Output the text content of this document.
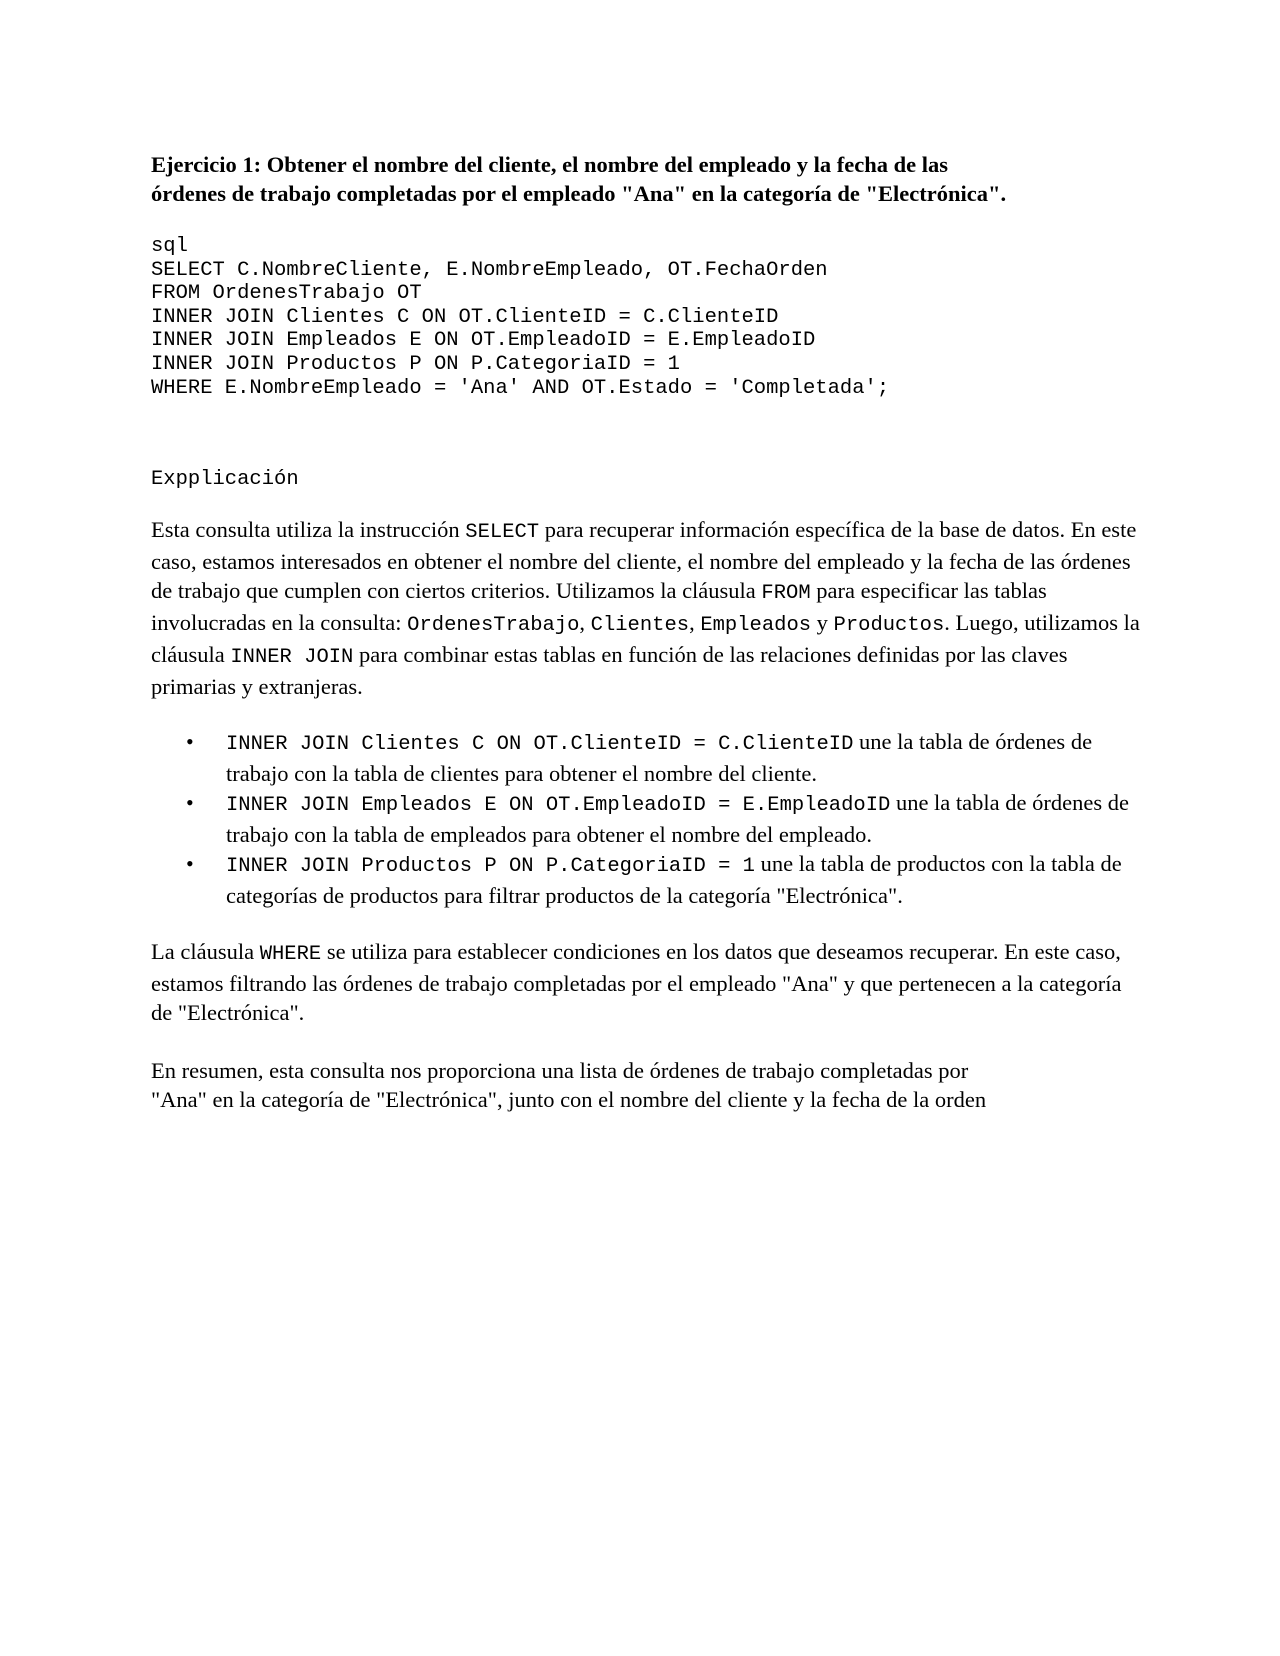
Ejercicio 1: Obtener el nombre del cliente, el nombre del empleado y la fecha de las
órdenes de trabajo completadas por el empleado "Ana" en la categoría de "Electrónica".

sql
SELECT C.NombreCliente, E.NombreEmpleado, OT.FechaOrden
FROM OrdenesTrabajo OT
INNER JOIN Clientes C ON OT.ClienteID = C.ClienteID
INNER JOIN Empleados E ON OT.EmpleadoID = E.EmpleadoID
INNER JOIN Productos P ON P.CategoriaID = 1
WHERE E.NombreEmpleado = 'Ana' AND OT.Estado = 'Completada';
Expplicación

Esta consulta utiliza la instrucción SELECT para recuperar información específica de la base de datos. En este caso, estamos interesados en obtener el nombre del cliente, el nombre del empleado y la fecha de las órdenes de trabajo que cumplen con ciertos criterios. Utilizamos la cláusula FROM para especificar las tablas involucradas en la consulta: OrdenesTrabajo, Clientes, Empleados y Productos. Luego, utilizamos la cláusula INNER JOIN para combinar estas tablas en función de las relaciones definidas por las claves primarias y extranjeras.

• INNER JOIN Clientes C ON OT.ClienteID = C.ClienteID une la tabla de órdenes de trabajo con la tabla de clientes para obtener el nombre del cliente.
• INNER JOIN Empleados E ON OT.EmpleadoID = E.EmpleadoID une la tabla de órdenes de trabajo con la tabla de empleados para obtener el nombre del empleado.
• INNER JOIN Productos P ON P.CategoriaID = 1 une la tabla de productos con la tabla de categorías de productos para filtrar productos de la categoría "Electrónica".

La cláusula WHERE se utiliza para establecer condiciones en los datos que deseamos recuperar. En este caso, estamos filtrando las órdenes de trabajo completadas por el empleado "Ana" y que pertenecen a la categoría de "Electrónica".

En resumen, esta consulta nos proporciona una lista de órdenes de trabajo completadas por
"Ana" en la categoría de "Electrónica", junto con el nombre del cliente y la fecha de la orden
